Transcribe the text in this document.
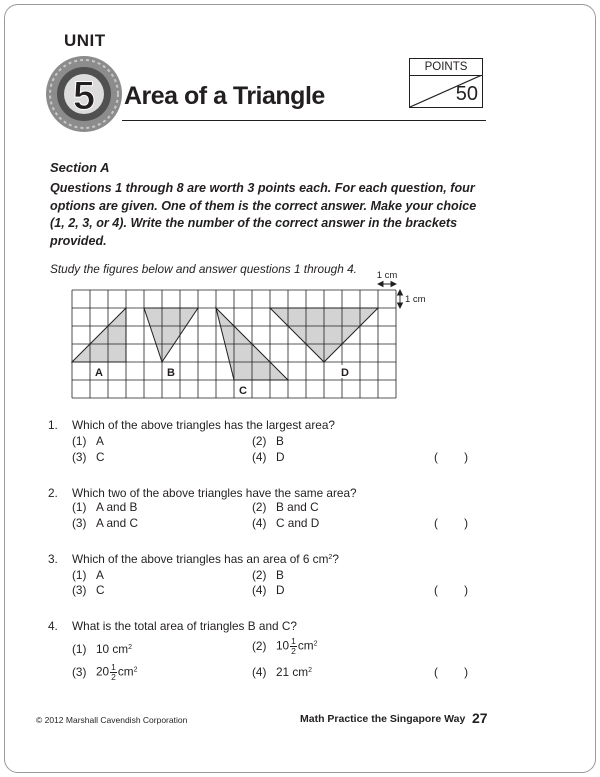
UNIT
5 Area of a Triangle
POINTS
50
Section A
Questions 1 through 8 are worth 3 points each. For each question, four options are given. One of them is the correct answer. Make your choice (1, 2, 3, or 4). Write the number of the correct answer in the brackets provided.
Study the figures below and answer questions 1 through 4.
A	B
C
D
1 cm
1 cm
1. Which of the above triangles has the largest area?
(1) A	(2) B
(3) C	(4) D	(        )
2. Which two of the above triangles have the same area?
(1) A and B	(2) B and C
(3) A and C	(4) C and D	(        )
3. Which of the above triangles has an area of 6 $cm^2$?
(1) A	(2) B
(3) C	(4) D	(        )
4. What is the total area of triangles B and C?
(1) 10 $cm^2$	(2) $10 \frac{1}{2} cm^2$
(3) $20 \frac{1}{2} cm^2$	(4) 21 $cm^2$	(        )
© 2012 Marshall Cavendish Corporation	Math Practice the Singapore Way 27
